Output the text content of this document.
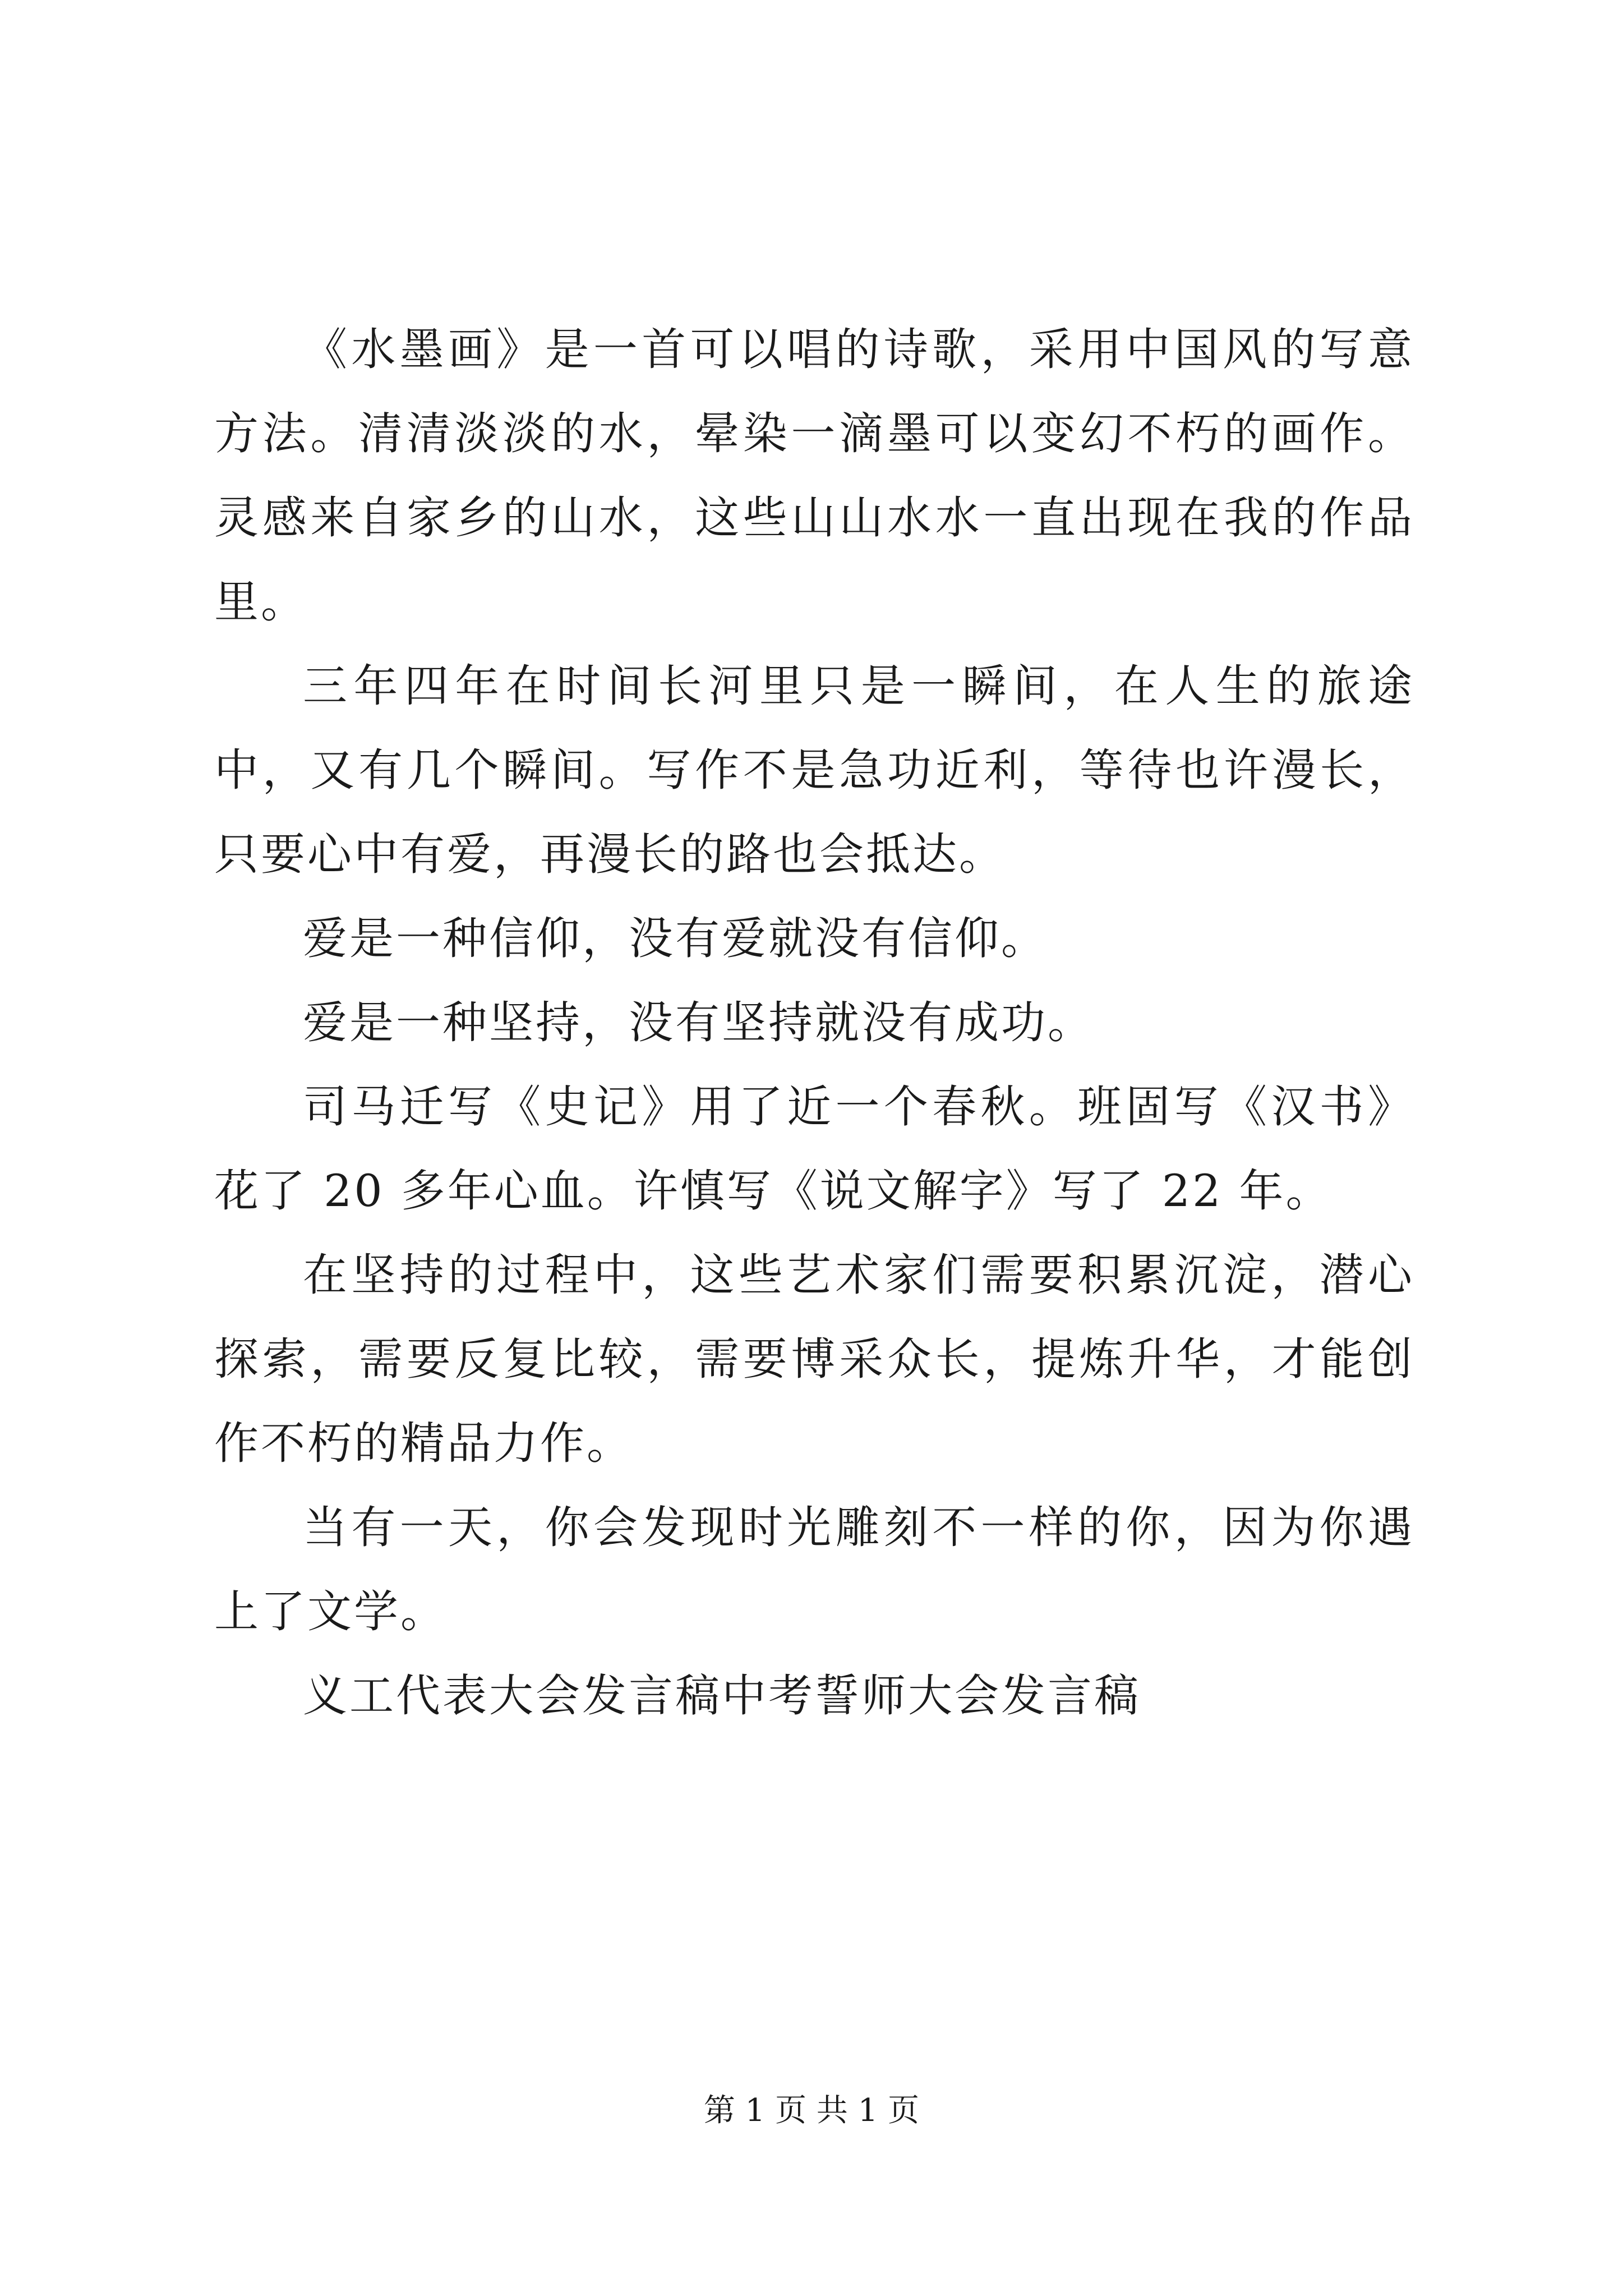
《水墨画》是一首可以唱的诗歌，采用中国风的写意方法。清清淡淡的水，晕染一滴墨可以变幻不朽的画作。灵感来自家乡的山水，这些山山水水一直出现在我的作品里。

三年四年在时间长河里只是一瞬间，在人生的旅途中，又有几个瞬间。写作不是急功近利，等待也许漫长，只要心中有爱，再漫长的路也会抵达。

爱是一种信仰，没有爱就没有信仰。

爱是一种坚持，没有坚持就没有成功。

司马迁写《史记》用了近一个春秋。班固写《汉书》花了 20 多年心血。许慎写《说文解字》写了 22 年。

在坚持的过程中，这些艺术家们需要积累沉淀，潜心探索，需要反复比较，需要博采众长，提炼升华，才能创作不朽的精品力作。

当有一天，你会发现时光雕刻不一样的你，因为你遇上了文学。

义工代表大会发言稿中考誓师大会发言稿

第 1 页 共 1 页
